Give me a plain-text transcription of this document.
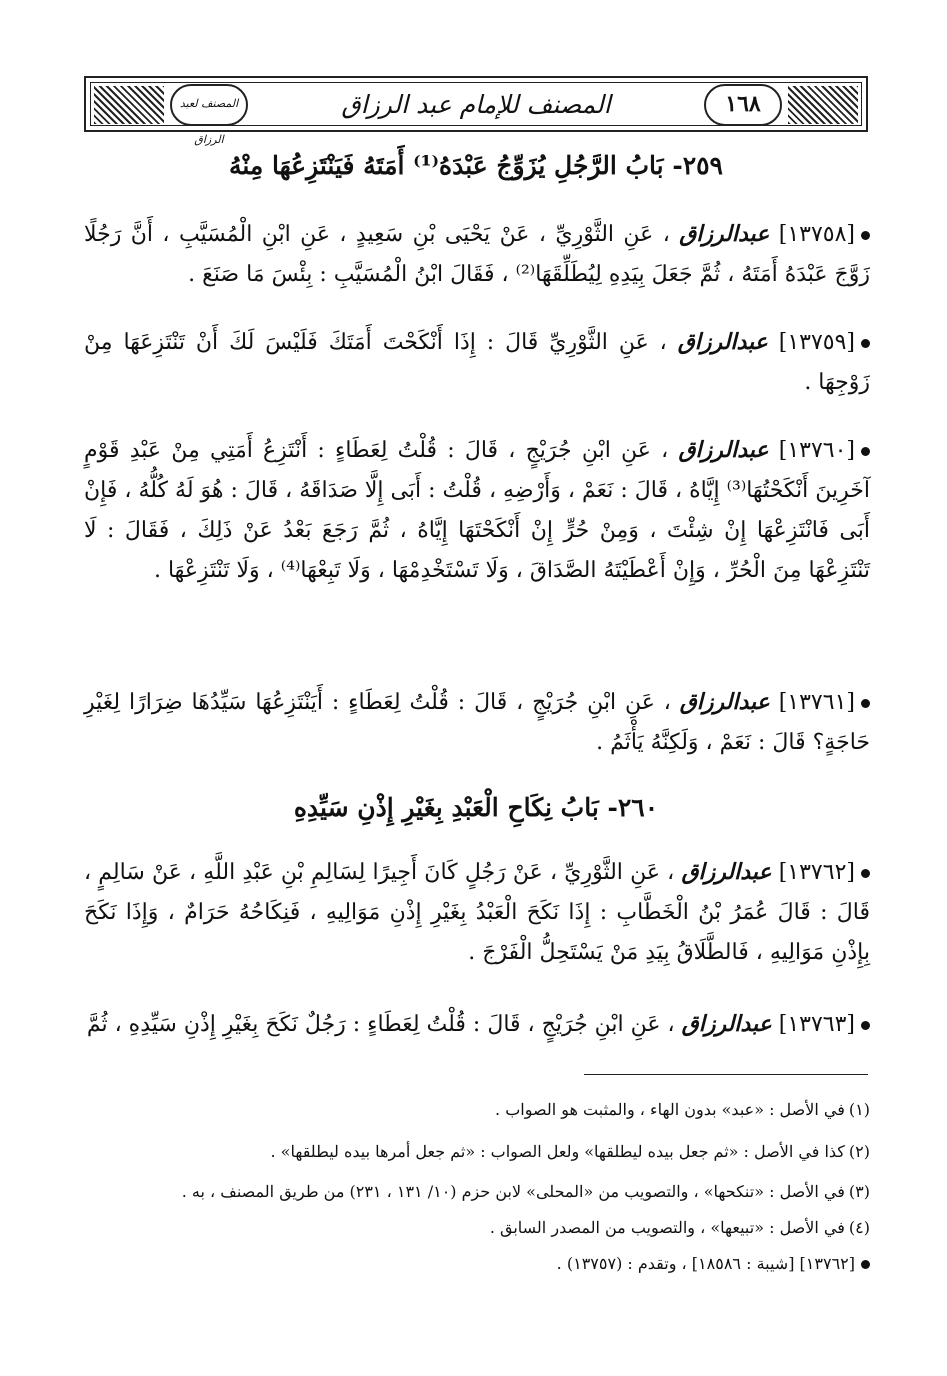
المصنف لعبد الرزاق
المصنف للإمام عبد الرزاق	١٦٨
٢٥٩- بَابُ الرَّجُلِ يُزَوِّجُ عَبْدَهُ⁽¹⁾ أَمَتَهُ فَيَنْتَزِعُهَا مِنْهُ
[١٣٧٥٨] عبدالرزاق ، عَنِ الثَّوْرِيِّ ، عَنْ يَحْيَى بْنِ سَعِيدٍ ، عَنِ ابْنِ الْمُسَيَّبِ ، أَنَّ رَجُلًا زَوَّجَ عَبْدَهُ أَمَتَهُ ، ثُمَّ جَعَلَ بِيَدِهِ لِيُطَلِّقَهَا⁽²⁾ ، فَقَالَ ابْنُ الْمُسَيَّبِ : بِئْسَ مَا صَنَعَ .
[١٣٧٥٩] عبدالرزاق ، عَنِ الثَّوْرِيِّ قَالَ : إِذَا أَنْكَحْتَ أَمَتَكَ فَلَيْسَ لَكَ أَنْ تَنْتَزِعَهَا مِنْ زَوْجِهَا .
[١٣٧٦٠] عبدالرزاق ، عَنِ ابْنِ جُرَيْجٍ ، قَالَ : قُلْتُ لِعَطَاءٍ : أَنْتَزِعُ أَمَتِي مِنْ عَبْدِ قَوْمٍ آخَرِينَ أَنْكَحْتُهَا⁽³⁾ إِيَّاهُ ، قَالَ : نَعَمْ ، وَأَرْضِهِ ، قُلْتُ : أَبَى إِلَّا صَدَاقَهُ ، قَالَ : هُوَ لَهُ كُلُّهُ ، فَإِنْ أَبَى فَانْتَزِعْهَا إِنْ شِئْتَ ، وَمِنْ حُرٍّ إِنْ أَنْكَحْتَهَا إِيَّاهُ ، ثُمَّ رَجَعَ بَعْدُ عَنْ ذَلِكَ ، فَقَالَ : لَا تَنْتَزِعْهَا مِنَ الْحُرِّ ، وَإِنْ أَعْطَيْتَهُ الصَّدَاقَ ، وَلَا تَسْتَخْدِمْهَا ، وَلَا تَبِعْهَا⁽⁴⁾ ، وَلَا تَنْتَزِعْهَا .
[١٣٧٦١] عبدالرزاق ، عَنِ ابْنِ جُرَيْجٍ ، قَالَ : قُلْتُ لِعَطَاءٍ : أَيَنْتَزِعُهَا سَيِّدُهَا ضِرَارًا لِغَيْرِ حَاجَةٍ؟ قَالَ : نَعَمْ ، وَلَكِنَّهُ يَأْثَمُ .
٢٦٠- بَابُ نِكَاحِ الْعَبْدِ بِغَيْرِ إِذْنِ سَيِّدِهِ
[١٣٧٦٢] عبدالرزاق ، عَنِ الثَّوْرِيِّ ، عَنْ رَجُلٍ كَانَ أَجِيرًا لِسَالِمِ بْنِ عَبْدِ اللَّهِ ، عَنْ سَالِمٍ ، قَالَ : قَالَ عُمَرُ بْنُ الْخَطَّابِ : إِذَا نَكَحَ الْعَبْدُ بِغَيْرِ إِذْنِ مَوَالِيهِ ، فَنِكَاحُهُ حَرَامٌ ، وَإِذَا نَكَحَ بِإِذْنِ مَوَالِيهِ ، فَالطَّلَاقُ بِيَدِ مَنْ يَسْتَحِلُّ الْفَرْجَ .
[١٣٧٦٣] عبدالرزاق ، عَنِ ابْنِ جُرَيْجٍ ، قَالَ : قُلْتُ لِعَطَاءٍ : رَجُلٌ نَكَحَ بِغَيْرِ إِذْنِ سَيِّدِهِ ، ثُمَّ
(١)في الأصل : «عبد» بدون الهاء ، والمثبت هو الصواب .
(٢)كذا في الأصل : «ثم جعل بيده ليطلقها» ولعل الصواب : «ثم جعل أمرها بيده ليطلقها» .
(٣)في الأصل : «تنكحها» ، والتصويب من «المحلى» لابن حزم (١٠/ ١٣١ ، ٢٣١) من طريق المصنف ، به .
(٤)في الأصل : «تبيعها» ، والتصويب من المصدر السابق .
[١٣٧٦٢] [شيبة : ١٨٥٨٦] ، وتقدم : (١٣٧٥٧) .
